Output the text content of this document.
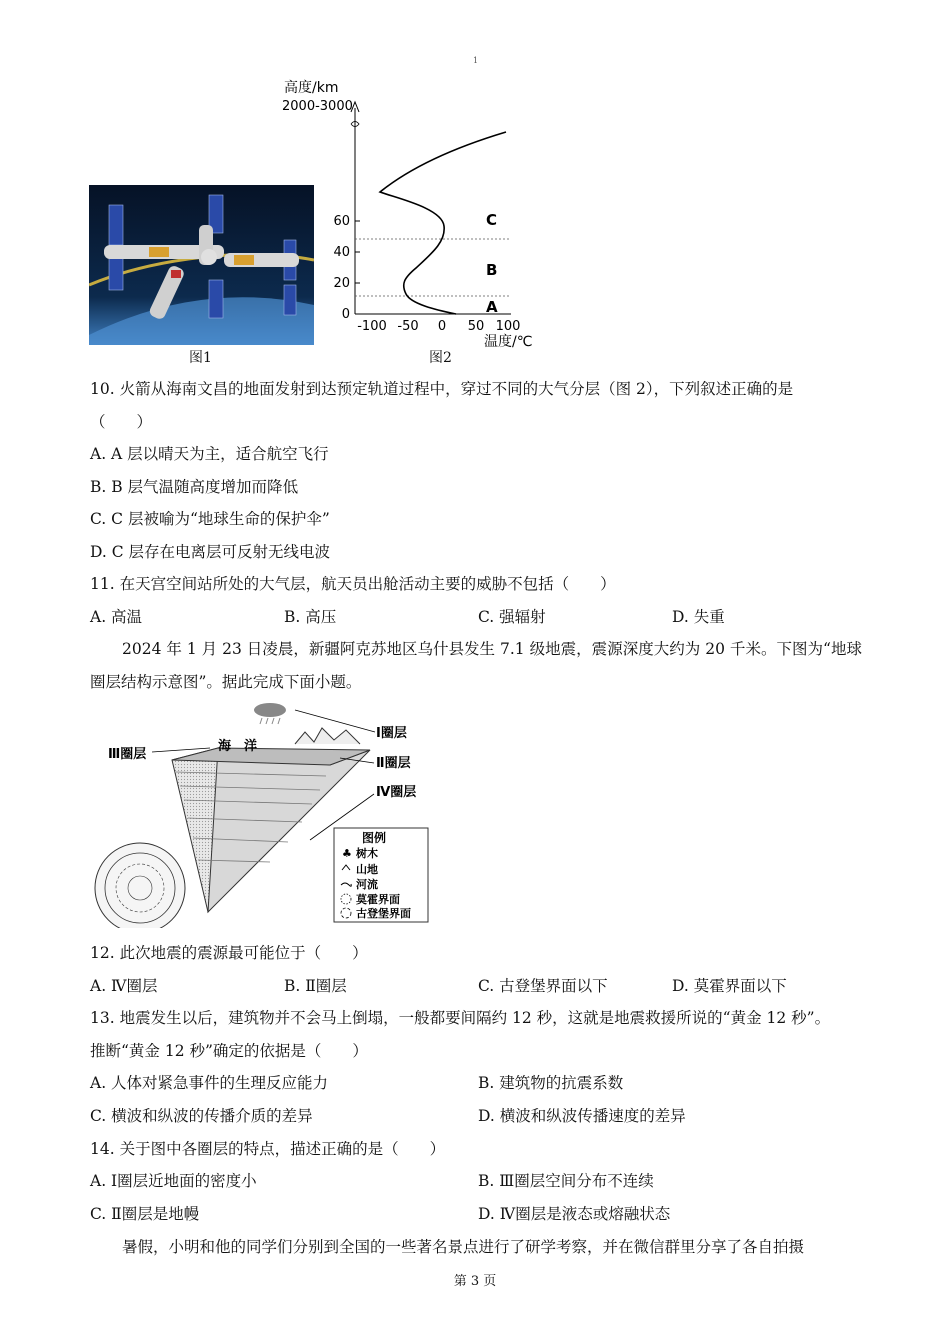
1
图1
60
40
20
0
-100 -50 0 50 100
高度/km
2000-3000
温度/℃
C
B
A
图2
10. 火箭从海南文昌的地面发射到达预定轨道过程中，穿过不同的大气分层（图 2），下列叙述正确的是
（　　）
A. A 层以晴天为主，适合航空飞行
B. B 层气温随高度增加而降低
C. C 层被喻为“地球生命的保护伞”
D. C 层存在电离层可反射无线电波
11. 在天宫空间站所处的大气层，航天员出舱活动主要的威胁不包括（　　）
A. 高温	B. 高压	C. 强辐射	D. 失重
2024 年 1 月 23 日凌晨，新疆阿克苏地区乌什县发生 7.1 级地震，震源深度大约为 20 千米。下图为“地球圈层结构示意图”。据此完成下面小题。
海　洋
Ⅲ圈层
Ⅰ圈层
Ⅱ圈层
Ⅳ圈层
图例
♣ 树木
山地
河流
莫霍界面
古登堡界面
12. 此次地震的震源最可能位于（　　）
A. Ⅳ圈层	B. Ⅱ圈层	C. 古登堡界面以下	D. 莫霍界面以下
13. 地震发生以后，建筑物并不会马上倒塌，一般都要间隔约 12 秒，这就是地震救援所说的“黄金 12 秒”。
推断“黄金 12 秒”确定的依据是（　　）
A. 人体对紧急事件的生理反应能力	B. 建筑物的抗震系数
C. 横波和纵波的传播介质的差异	D. 横波和纵波传播速度的差异
14. 关于图中各圈层的特点，描述正确的是（　　）
A. Ⅰ圈层近地面的密度小	B. Ⅲ圈层空间分布不连续
C. Ⅱ圈层是地幔	D. Ⅳ圈层是液态或熔融状态
暑假，小明和他的同学们分别到全国的一些著名景点进行了研学考察，并在微信群里分享了各自拍摄
第 3 页
